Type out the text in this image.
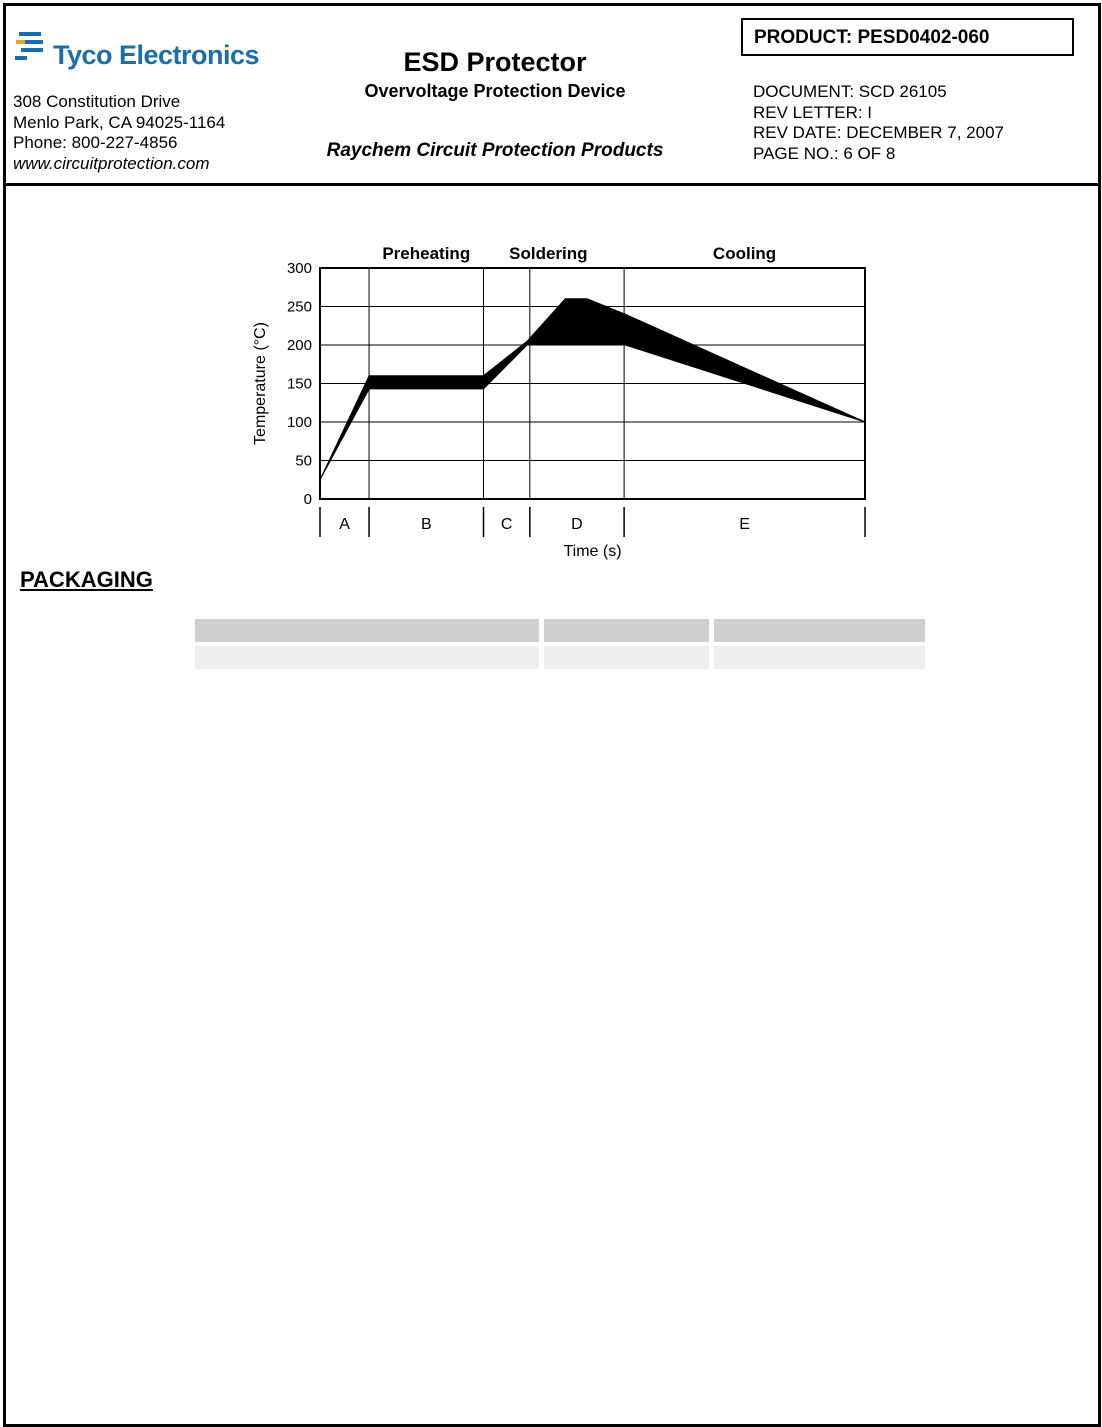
Tyco Electronics
308 Constitution Drive
Menlo Park, CA 94025-1164
Phone: 800-227-4856
www.circuitprotection.com
ESD Protector
Overvoltage Protection Device
Raychem Circuit Protection Products
PRODUCT: PESD0402-060
DOCUMENT: SCD 26105
REV LETTER: I
REV DATE: DECEMBER 7, 2007
PAGE NO.: 6 OF 8
0
50
100
150
200
250
300
Preheating Soldering	Cooling
A	B	C	D	E
Time (s)
Temperature (°C)
PACKAGING
